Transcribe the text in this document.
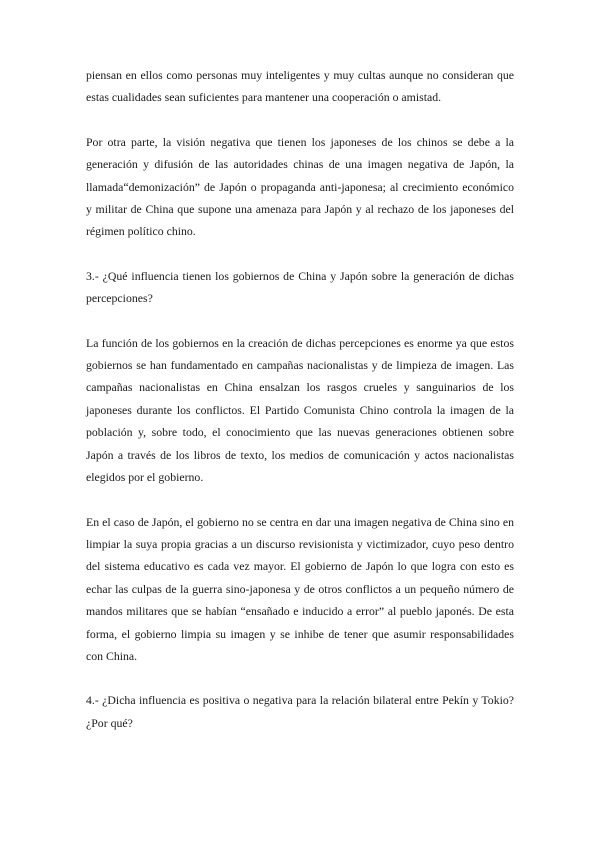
piensan en ellos como personas muy inteligentes y muy cultas aunque no consideran que estas cualidades sean suficientes para mantener una cooperación o amistad.

Por otra parte, la visión negativa que tienen los japoneses de los chinos se debe a la generación y difusión de las autoridades chinas de una imagen negativa de Japón, la llamada“demonización” de Japón o propaganda anti-japonesa; al crecimiento económico y militar de China que supone una amenaza para Japón y al rechazo de los japoneses del régimen político chino.

3.- ¿Qué influencia tienen los gobiernos de China y Japón sobre la generación de dichas percepciones?

La función de los gobiernos en la creación de dichas percepciones es enorme ya que estos gobiernos se han fundamentado en campañas nacionalistas y de limpieza de imagen. Las campañas nacionalistas en China ensalzan los rasgos crueles y sanguinarios de los japoneses durante los conflictos. El Partido Comunista Chino controla la imagen de la población y, sobre todo, el conocimiento que las nuevas generaciones obtienen sobre Japón a través de los libros de texto, los medios de comunicación y actos nacionalistas elegidos por el gobierno.

En el caso de Japón, el gobierno no se centra en dar una imagen negativa de China sino en limpiar la suya propia gracias a un discurso revisionista y victimizador, cuyo peso dentro del sistema educativo es cada vez mayor. El gobierno de Japón lo que logra con esto es echar las culpas de la guerra sino-japonesa y de otros conflictos a un pequeño número de mandos militares que se habían “ensañado e inducido a error” al pueblo japonés. De esta forma, el gobierno limpia su imagen y se inhibe de tener que asumir responsabilidades con China.

4.- ¿Dicha influencia es positiva o negativa para la relación bilateral entre Pekín y Tokio? ¿Por qué?
